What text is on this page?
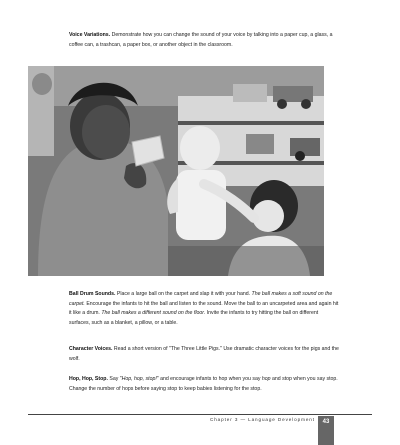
Voice Variations. Demonstrate how you can change the sound of your voice by talking into a paper cup, a glass, a coffee can, a trashcan, a paper box, or another object in the classroom.

Ball Drum Sounds. Place a large ball on the carpet and slap it with your hand. The ball makes a soft sound on the carpet. Encourage the infants to hit the ball and listen to the sound. Move the ball to an uncarpeted area and again hit it like a drum. The ball makes a different sound on the floor. Invite the infants to try hitting the ball on different surfaces, such as a blanket, a pillow, or a table.

Character Voices. Read a short version of "The Three Little Pigs." Use dramatic character voices for the pigs and the wolf.

Hop, Hop, Stop. Say "Hop, hop, stop!" and encourage infants to hop when you say hop and stop when you say stop. Change the number of hops before saying stop to keep babies listening for the stop.

Chapter 3 — Language Development	43
